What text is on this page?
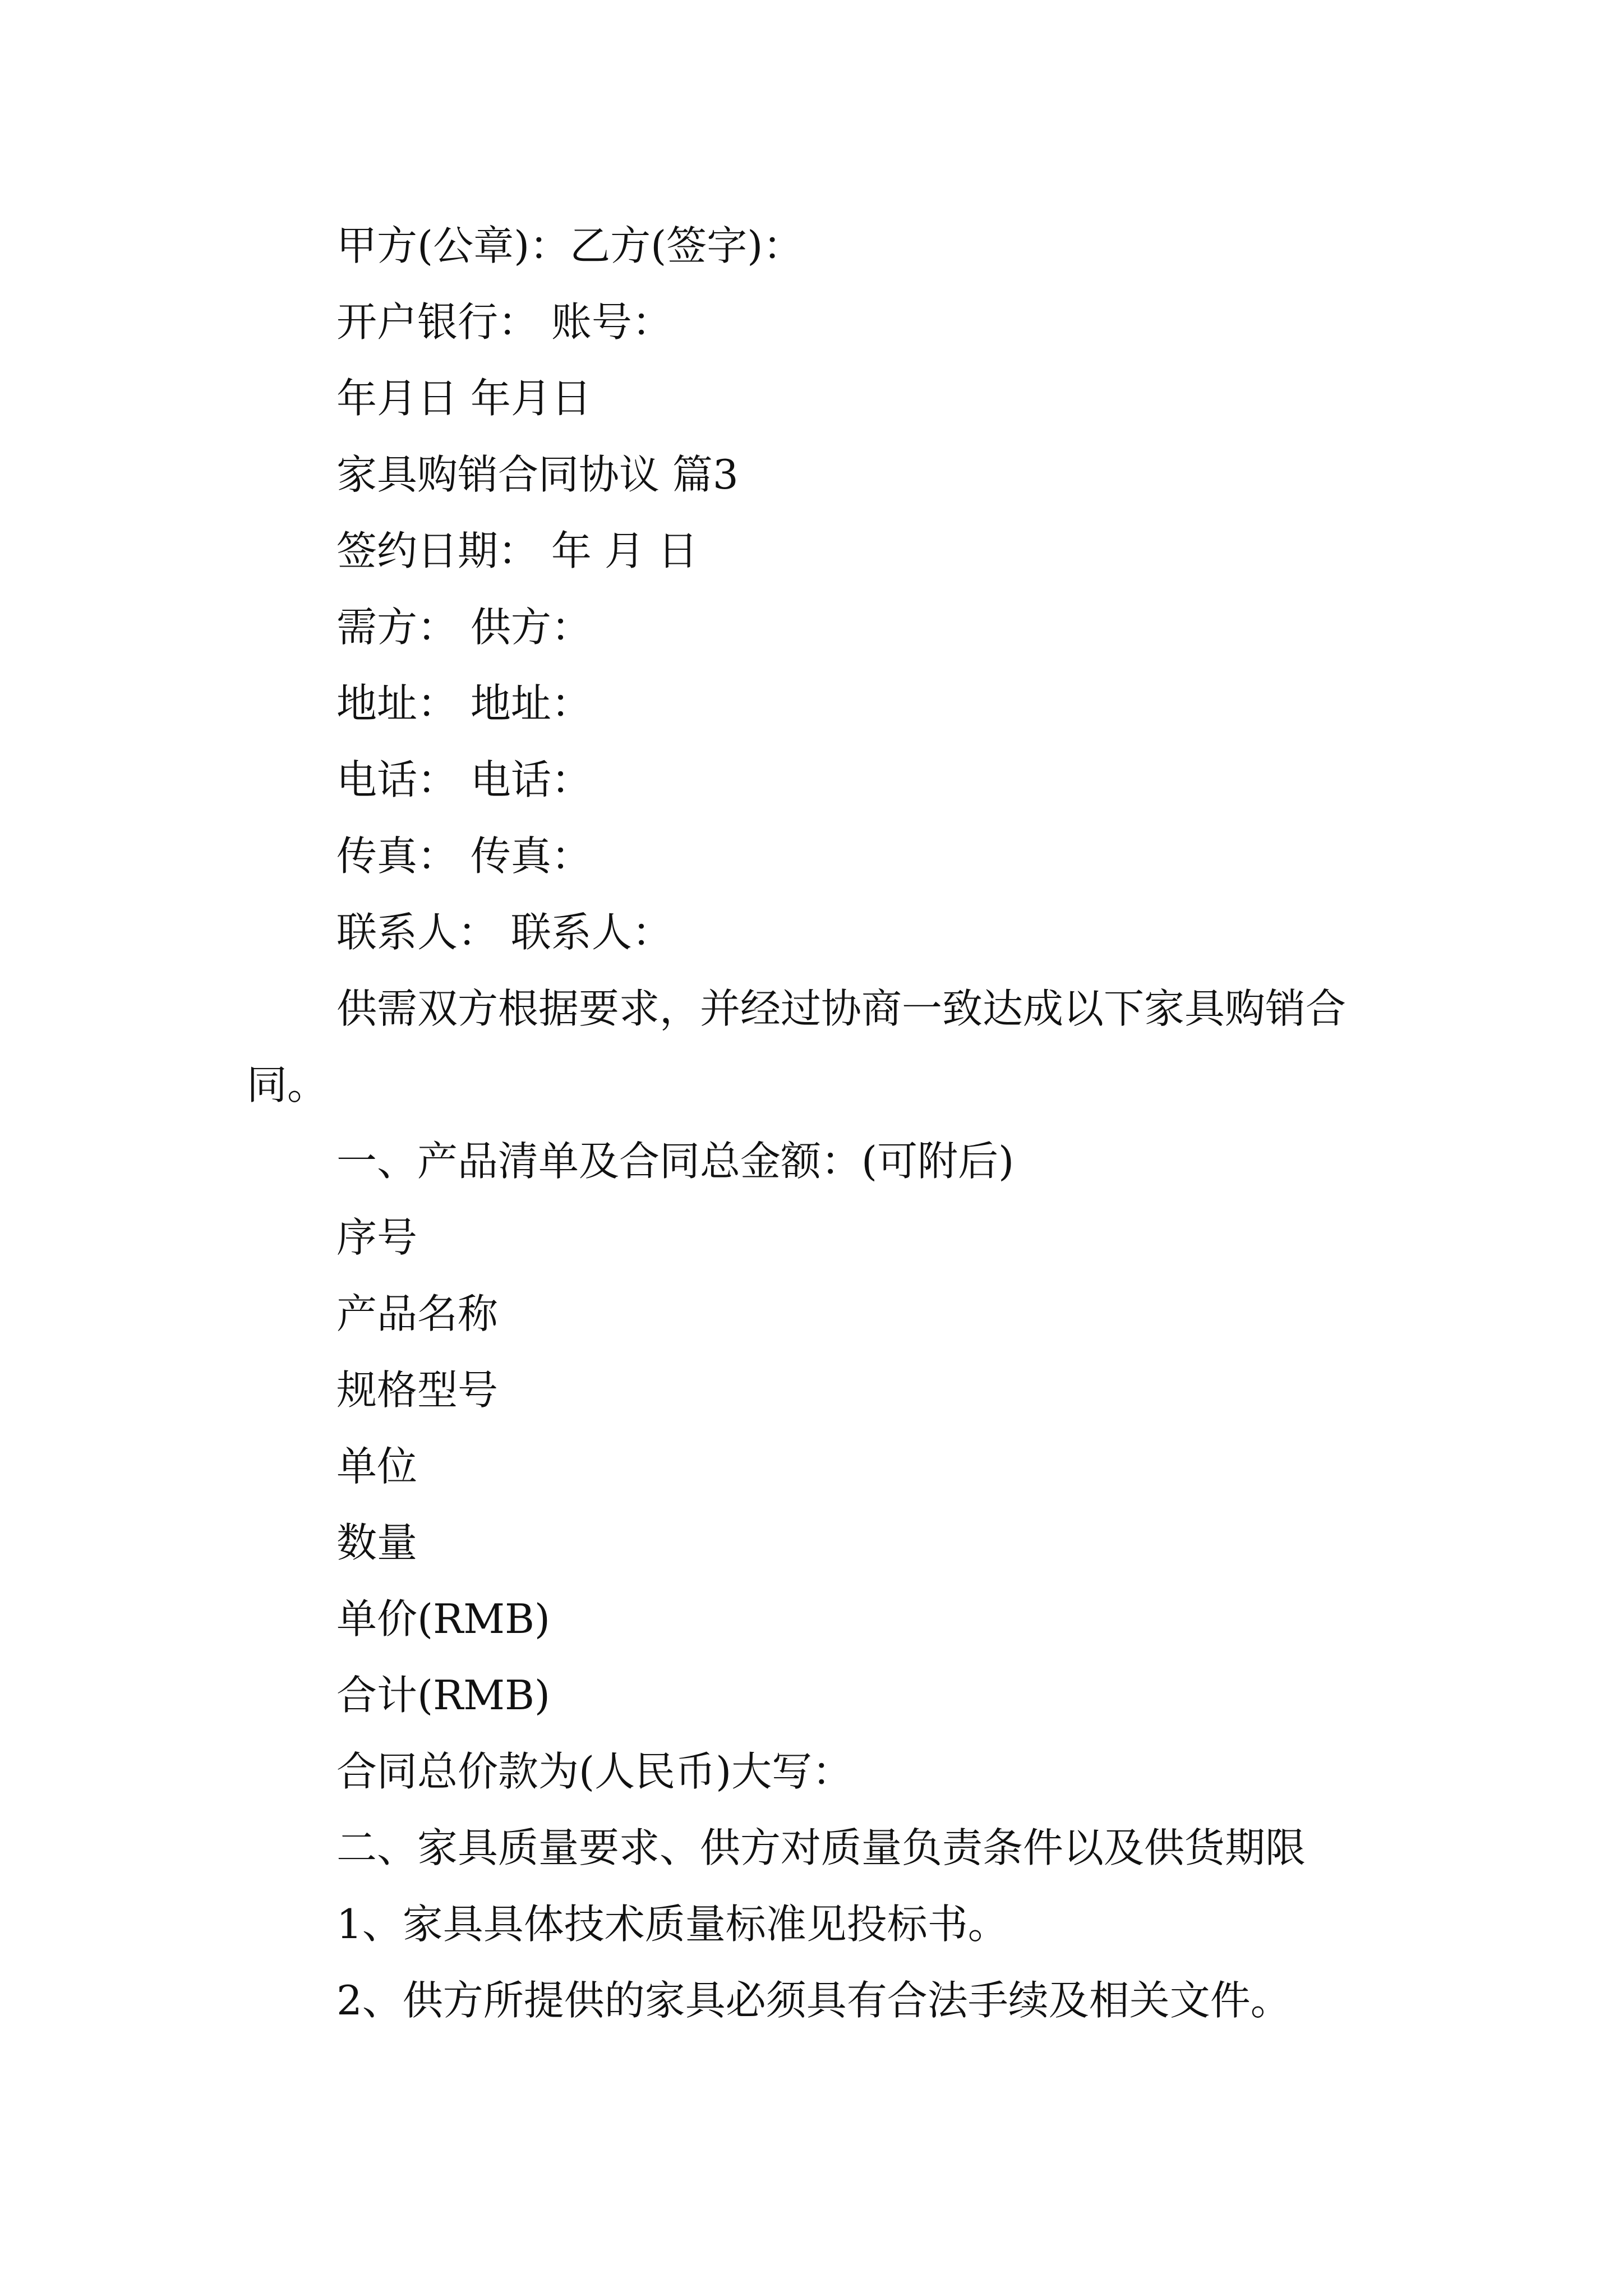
甲方(公章)：乙方(签字)：
开户银行： 账号：
年月日 年月日
家具购销合同协议 篇3
签约日期： 年 月 日
需方： 供方：
地址： 地址：
电话： 电话：
传真： 传真：
联系人： 联系人：
供需双方根据要求，并经过协商一致达成以下家具购销合同。
一、产品清单及合同总金额：(可附后)
序号
产品名称
规格型号
单位
数量
单价(RMB)
合计(RMB)
合同总价款为(人民币)大写：
二、家具质量要求、供方对质量负责条件以及供货期限
1、家具具体技术质量标准见投标书。
2、供方所提供的家具必须具有合法手续及相关文件。
